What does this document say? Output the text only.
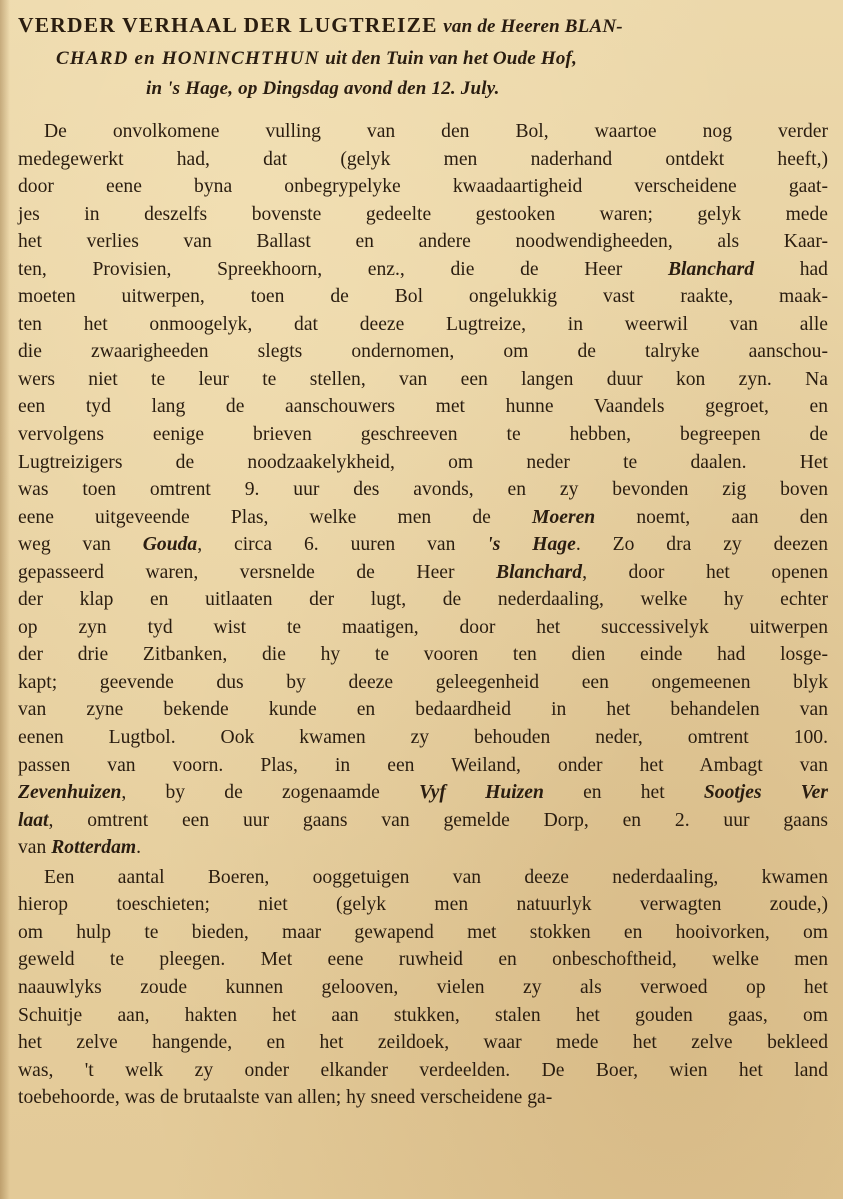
VERDER VERHAAL DER LUGTREIZE van de Heeren BLAN-
CHARD en HONINCHTHUN uit den Tuin van het Oude Hof,
in 's Hage, op Dingsdag avond den 12. July.
De onvolkomene vulling van den Bol, waartoe nog verder
medegewerkt had, dat (gelyk men naderhand ontdekt heeft,)
door eene byna onbegrypelyke kwaadaartigheid verscheidene gaat-
jes in deszelfs bovenste gedeelte gestooken waren; gelyk mede
het verlies van Ballast en andere noodwendigheeden, als Kaar-
ten, Provisien, Spreekhoorn, enz., die de Heer Blanchard had
moeten uitwerpen, toen de Bol ongelukkig vast raakte, maak-
ten het onmoogelyk, dat deeze Lugtreize, in weerwil van alle
die zwaarigheeden slegts ondernomen, om de talryke aanschou-
wers niet te leur te stellen, van een langen duur kon zyn. Na
een tyd lang de aanschouwers met hunne Vaandels gegroet, en
vervolgens eenige brieven geschreeven te hebben, begreepen de
Lugtreizigers de noodzaakelykheid, om neder te daalen. Het
was toen omtrent 9. uur des avonds, en zy bevonden zig boven
eene uitgeveende Plas, welke men de Moeren noemt, aan den
weg van Gouda, circa 6. uuren van 's Hage. Zo dra zy deezen
gepasseerd waren, versnelde de Heer Blanchard, door het openen
der klap en uitlaaten der lugt, de nederdaaling, welke hy echter
op zyn tyd wist te maatigen, door het successivelyk uitwerpen
der drie Zitbanken, die hy te vooren ten dien einde had losge-
kapt; geevende dus by deeze geleegenheid een ongemeenen blyk
van zyne bekende kunde en bedaardheid in het behandelen van
eenen Lugtbol. Ook kwamen zy behouden neder, omtrent 100.
passen van voorn. Plas, in een Weiland, onder het Ambagt van
Zevenhuizen, by de zogenaamde Vyf Huizen en het Sootjes Ver
laat, omtrent een uur gaans van gemelde Dorp, en 2. uur gaans
van Rotterdam.
Een aantal Boeren, ooggetuigen van deeze nederdaaling, kwamen
hierop toeschieten; niet (gelyk men natuurlyk verwagten zoude,)
om hulp te bieden, maar gewapend met stokken en hooivorken, om
geweld te pleegen. Met eene ruwheid en onbeschoftheid, welke men
naauwlyks zoude kunnen gelooven, vielen zy als verwoed op het
Schuitje aan, hakten het aan stukken, stalen het gouden gaas, om
het zelve hangende, en het zeildoek, waar mede het zelve bekleed
was, 't welk zy onder elkander verdeelden. De Boer, wien het land
toebehoorde, was de brutaalste van allen; hy sneed verscheidene ga-
